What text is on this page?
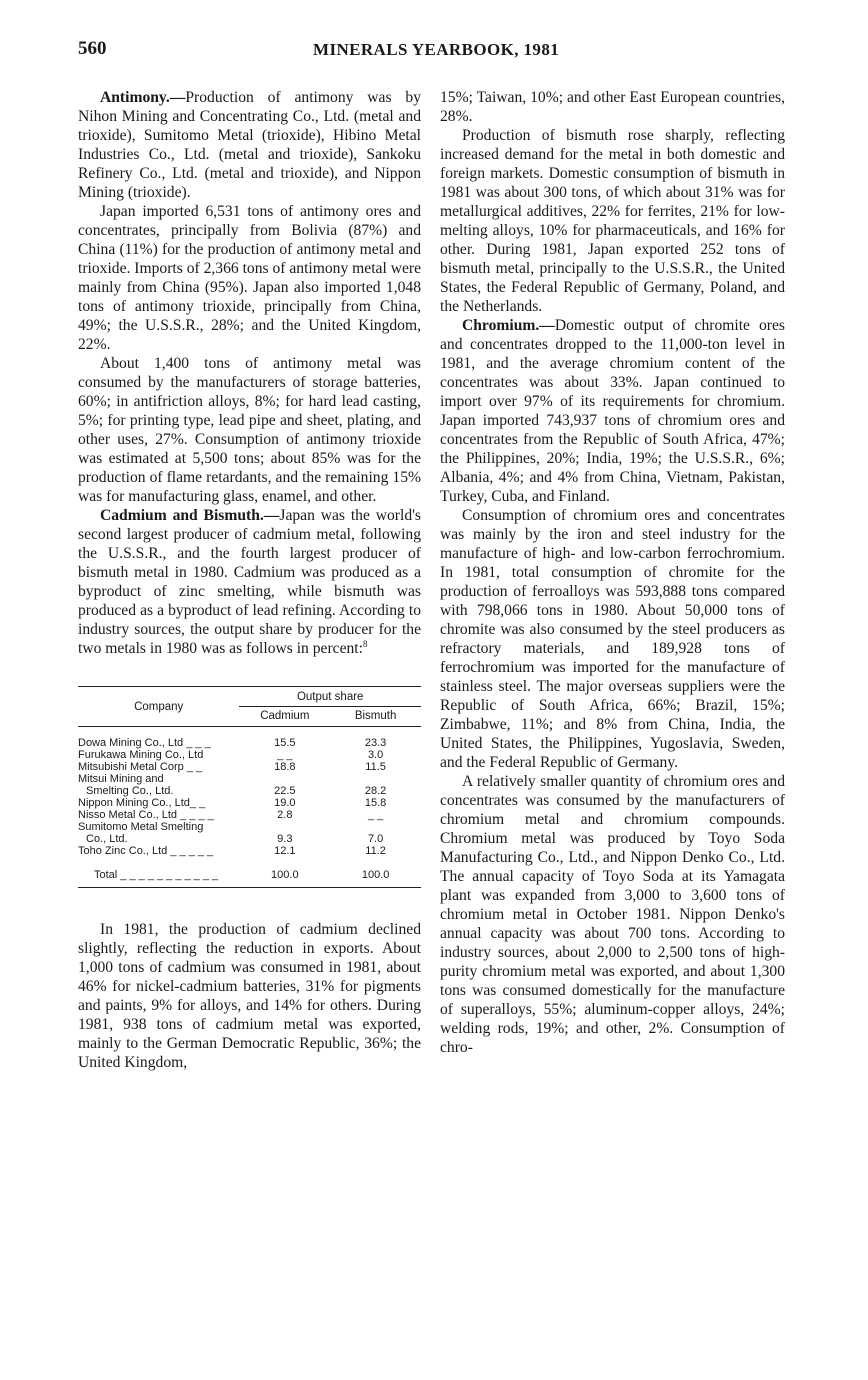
560	MINERALS YEARBOOK, 1981

Antimony.—Production of antimony was by Nihon Mining and Concentrating Co., Ltd. (metal and trioxide), Sumitomo Metal (trioxide), Hibino Metal Industries Co., Ltd. (metal and trioxide), Sankoku Refinery Co., Ltd. (metal and trioxide), and Nippon Mining (trioxide).

Japan imported 6,531 tons of antimony ores and concentrates, principally from Bolivia (87%) and China (11%) for the production of antimony metal and trioxide. Imports of 2,366 tons of antimony metal were mainly from China (95%). Japan also imported 1,048 tons of antimony trioxide, principally from China, 49%; the U.S.S.R., 28%; and the United Kingdom, 22%.

About 1,400 tons of antimony metal was consumed by the manufacturers of storage batteries, 60%; in antifriction alloys, 8%; for hard lead casting, 5%; for printing type, lead pipe and sheet, plating, and other uses, 27%. Consumption of antimony trioxide was estimated at 5,500 tons; about 85% was for the production of flame retardants, and the remaining 15% was for manufacturing glass, enamel, and other.

Cadmium and Bismuth.—Japan was the world's second largest producer of cadmium metal, following the U.S.S.R., and the fourth largest producer of bismuth metal in 1980. Cadmium was produced as a byproduct of zinc smelting, while bismuth was produced as a byproduct of lead refining. According to industry sources, the output share by producer for the two metals in 1980 was as follows in percent:$^8$

Company	Output share	
	Cadmium	Bismuth
Dowa Mining Co., Ltd _ _ _	15.5	23.3
Furukawa Mining Co., Ltd	_ _	3.0
Mitsubishi Metal Corp _ _	18.8	11.5
Mitsui Mining and		
Smelting Co., Ltd.	22.5	28.2
Nippon Mining Co., Ltd_ _	19.0	15.8
Nisso Metal Co., Ltd _ _ _ _	2.8	_ _
Sumitomo Metal Smelting		
Co., Ltd.	9.3	7.0
Toho Zinc Co., Ltd _ _ _ _ _	12.1	11.2
Total _ _ _ _ _ _ _ _ _ _ _	100.0	100.0

In 1981, the production of cadmium declined slightly, reflecting the reduction in exports. About 1,000 tons of cadmium was consumed in 1981, about 46% for nickel-cadmium batteries, 31% for pigments and paints, 9% for alloys, and 14% for others. During 1981, 938 tons of cadmium metal was exported, mainly to the German Democratic Republic, 36%; the United Kingdom,

15%; Taiwan, 10%; and other East European countries, 28%.

Production of bismuth rose sharply, reflecting increased demand for the metal in both domestic and foreign markets. Domestic consumption of bismuth in 1981 was about 300 tons, of which about 31% was for metallurgical additives, 22% for ferrites, 21% for low-melting alloys, 10% for pharmaceuticals, and 16% for other. During 1981, Japan exported 252 tons of bismuth metal, principally to the U.S.S.R., the United States, the Federal Republic of Germany, Poland, and the Netherlands.

Chromium.—Domestic output of chromite ores and concentrates dropped to the 11,000-ton level in 1981, and the average chromium content of the concentrates was about 33%. Japan continued to import over 97% of its requirements for chromium. Japan imported 743,937 tons of chromium ores and concentrates from the Republic of South Africa, 47%; the Philippines, 20%; India, 19%; the U.S.S.R., 6%; Albania, 4%; and 4% from China, Vietnam, Pakistan, Turkey, Cuba, and Finland.

Consumption of chromium ores and concentrates was mainly by the iron and steel industry for the manufacture of high- and low-carbon ferrochromium. In 1981, total consumption of chromite for the production of ferroalloys was 593,888 tons compared with 798,066 tons in 1980. About 50,000 tons of chromite was also consumed by the steel producers as refractory materials, and 189,928 tons of ferrochromium was imported for the manufacture of stainless steel. The major overseas suppliers were the Republic of South Africa, 66%; Brazil, 15%; Zimbabwe, 11%; and 8% from China, India, the United States, the Philippines, Yugoslavia, Sweden, and the Federal Republic of Germany.

A relatively smaller quantity of chromium ores and concentrates was consumed by the manufacturers of chromium metal and chromium compounds. Chromium metal was produced by Toyo Soda Manufacturing Co., Ltd., and Nippon Denko Co., Ltd. The annual capacity of Toyo Soda at its Yamagata plant was expanded from 3,000 to 3,600 tons of chromium metal in October 1981. Nippon Denko's annual capacity was about 700 tons. According to industry sources, about 2,000 to 2,500 tons of high-purity chromium metal was exported, and about 1,300 tons was consumed domestically for the manufacture of superalloys, 55%; aluminum-copper alloys, 24%; welding rods, 19%; and other, 2%. Consumption of chro-
